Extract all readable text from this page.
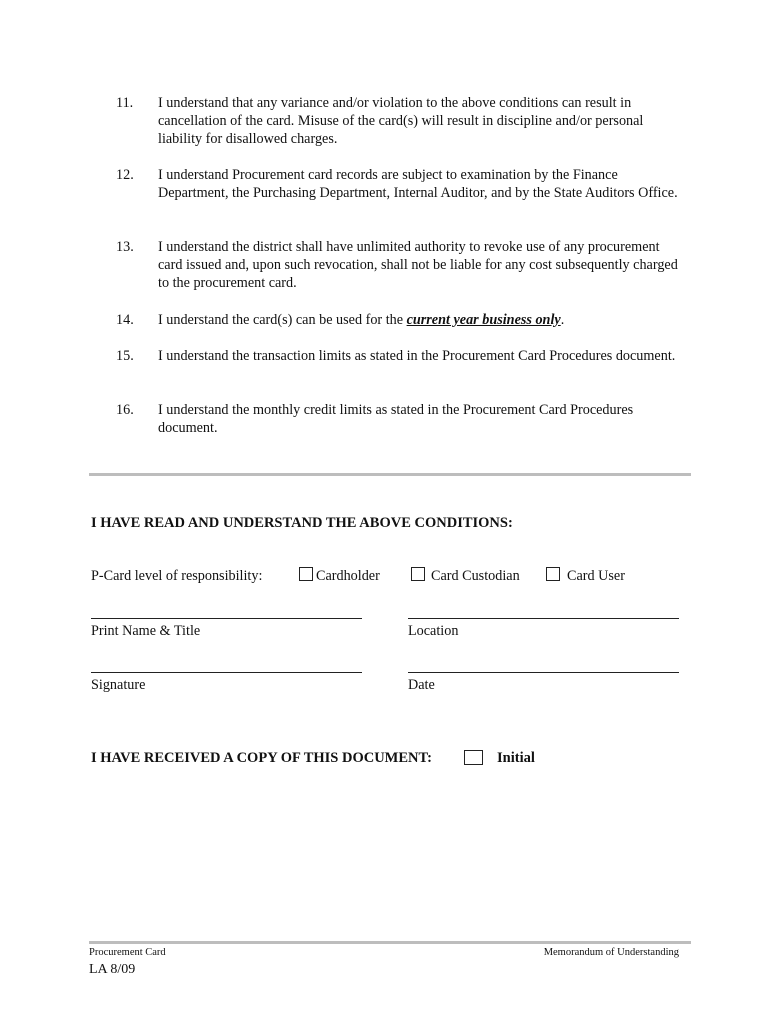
11. I understand that any variance and/or violation to the above conditions can result in cancellation of the card. Misuse of the card(s) will result in discipline and/or personal liability for disallowed charges.
12. I understand Procurement card records are subject to examination by the Finance Department, the Purchasing Department, Internal Auditor, and by the State Auditors Office.
13. I understand the district shall have unlimited authority to revoke use of any procurement card issued and, upon such revocation, shall not be liable for any cost subsequently charged to the procurement card.
14. I understand the card(s) can be used for the current year business only.
15. I understand the transaction limits as stated in the Procurement Card Procedures document.
16. I understand the monthly credit limits as stated in the Procurement Card Procedures document.
I HAVE READ AND UNDERSTAND THE ABOVE CONDITIONS:
P-Card level of responsibility:	Cardholder	Card Custodian	Card User
Print Name & Title	Location
Signature	Date
I HAVE RECEIVED A COPY OF THIS DOCUMENT:	Initial
Procurement Card	Memorandum of Understanding
LA 8/09
